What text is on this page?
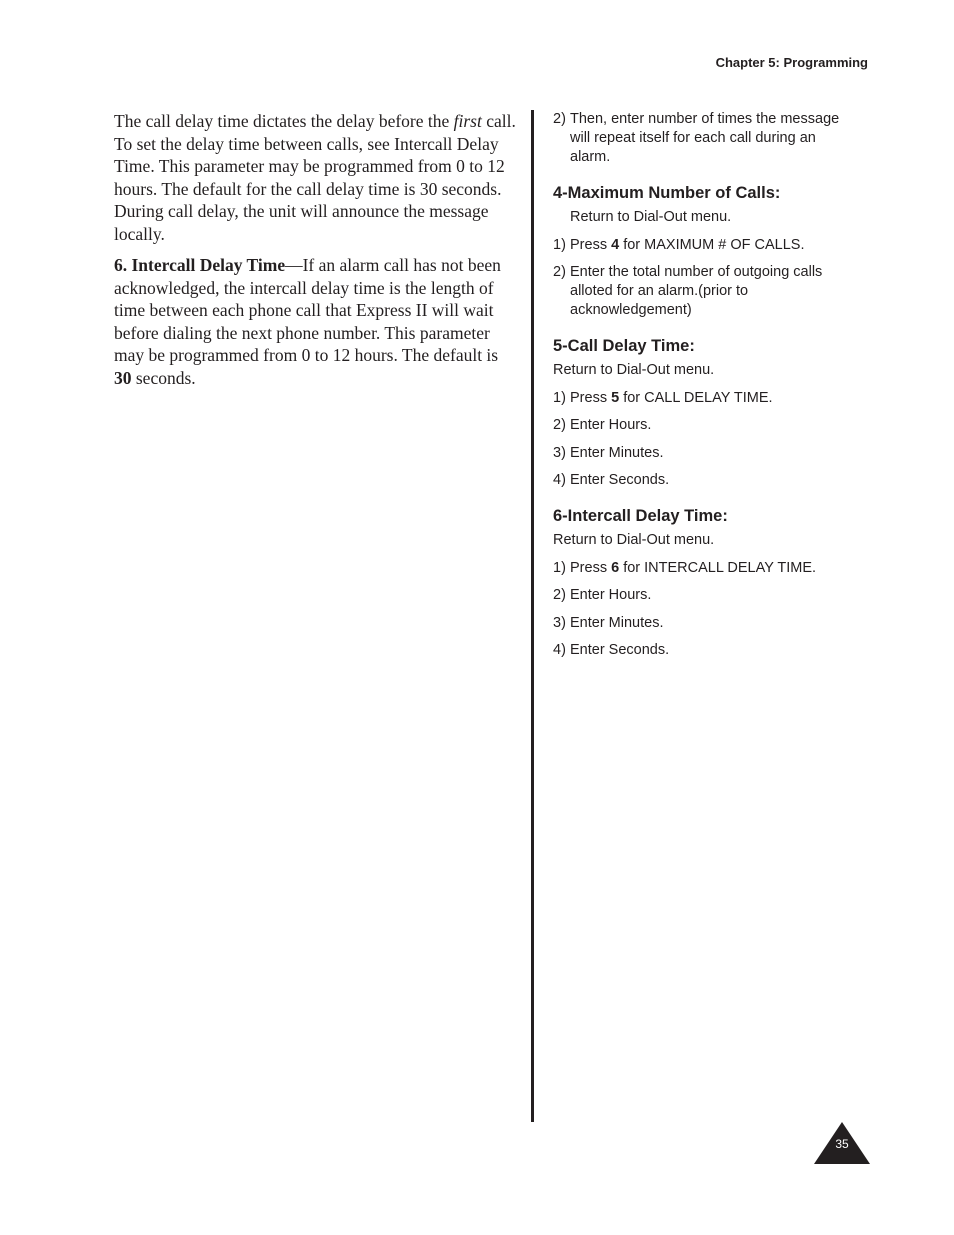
Chapter 5: Programming

The call delay time dictates the delay before the first call. To set the delay time between calls, see Intercall Delay Time. This parameter may be programmed from 0 to 12 hours. The default for the call delay time is 30 seconds. During call delay, the unit will announce the message locally.

6. Intercall Delay Time—If an alarm call has not been acknowledged, the intercall delay time is the length of time between each phone call that Express II will wait before dialing the next phone number. This parameter may be programmed from 0 to 12 hours. The default is 30 seconds.

2) Then, enter number of times the message will repeat itself for each call during an alarm.
4-Maximum Number of Calls:
Return to Dial-Out menu.
1) Press 4 for MAXIMUM # OF CALLS.
2) Enter the total number of outgoing calls alloted for an alarm.(prior to acknowledgement)
5-Call Delay Time:
Return to Dial-Out menu.
1) Press 5 for CALL DELAY TIME.
2) Enter Hours.
3) Enter Minutes.
4) Enter Seconds.
6-Intercall Delay Time:
Return to Dial-Out menu.
1) Press 6 for INTERCALL DELAY TIME.
2) Enter Hours.
3) Enter Minutes.
4) Enter Seconds.
35
